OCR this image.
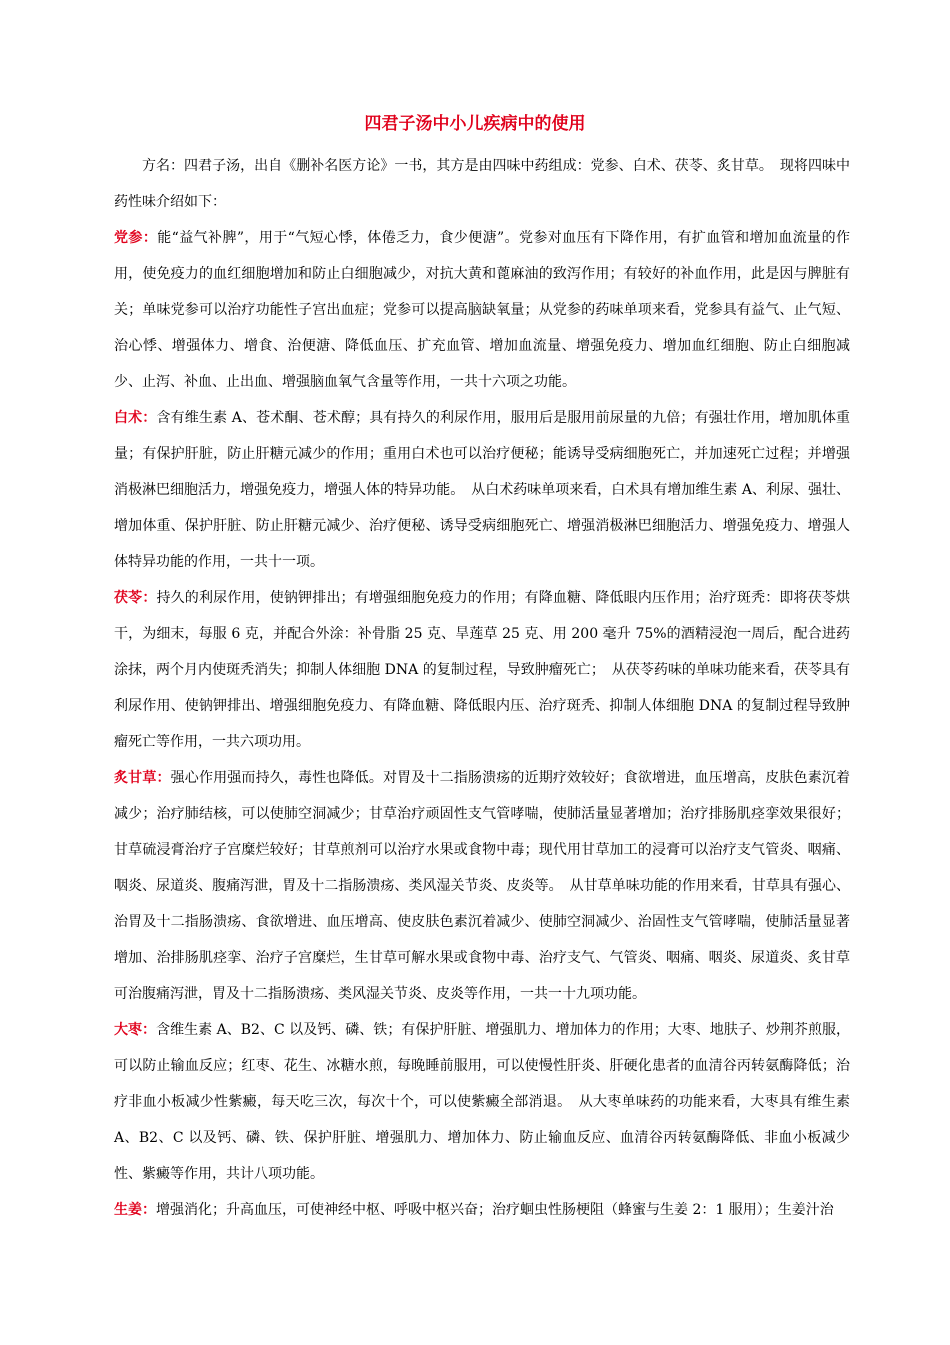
四君子汤中小儿疾病中的使用

方名：四君子汤，出自《删补名医方论》一书，其方是由四味中药组成：党参、白术、茯苓、炙甘草。　现将四味中药性味介绍如下：

党参：能“益气补脾”，用于“气短心悸，体倦乏力，食少便溏”。党参对血压有下降作用，有扩血管和增加血流量的作用，使免疫力的血红细胞增加和防止白细胞减少，对抗大黄和蓖麻油的致泻作用；有较好的补血作用，此是因与脾脏有关；单味党参可以治疗功能性子宫出血症；党参可以提高脑缺氧量；从党参的药味单项来看，党参具有益气、止气短、治心悸、增强体力、增食、治便溏、降低血压、扩充血管、增加血流量、增强免疫力、增加血红细胞、防止白细胞减少、止泻、补血、止出血、增强脑血氧气含量等作用，一共十六项之功能。

白术：含有维生素 A、苍术酮、苍术醇；具有持久的利尿作用，服用后是服用前尿量的九倍；有强壮作用，增加肌体重量；有保护肝脏，防止肝糖元减少的作用；重用白术也可以治疗便秘；能诱导受病细胞死亡，并加速死亡过程；并增强消极淋巴细胞活力，增强免疫力，增强人体的特异功能。　从白术药味单项来看，白术具有增加维生素 A、利尿、强壮、增加体重、保护肝脏、防止肝糖元减少、治疗便秘、诱导受病细胞死亡、增强消极淋巴细胞活力、增强免疫力、增强人体特异功能的作用，一共十一项。

茯苓：持久的利尿作用，使钠钾排出；有增强细胞免疫力的作用；有降血糖、降低眼内压作用；治疗斑秃：即将茯苓烘干，为细末，每服 6 克，并配合外涂：补骨脂 25 克、旱莲草 25 克、用 200 毫升 75%的酒精浸泡一周后，配合进药涂抹，两个月内使斑秃消失；抑制人体细胞 DNA 的复制过程，导致肿瘤死亡；　从茯苓药味的单味功能来看，茯苓具有利尿作用、使钠钾排出、增强细胞免疫力、有降血糖、降低眼内压、治疗斑秃、抑制人体细胞 DNA 的复制过程导致肿瘤死亡等作用，一共六项功用。

炙甘草：强心作用强而持久，毒性也降低。对胃及十二指肠溃疡的近期疗效较好；食欲增进，血压增高，皮肤色素沉着减少；治疗肺结核，可以使肺空洞减少；甘草治疗顽固性支气管哮喘，使肺活量显著增加；治疗排肠肌痉挛效果很好；甘草硫浸膏治疗子宫糜烂较好；甘草煎剂可以治疗水果或食物中毒；现代用甘草加工的浸膏可以治疗支气管炎、咽痛、咽炎、尿道炎、腹痛泻泄，胃及十二指肠溃疡、类风湿关节炎、皮炎等。　从甘草单味功能的作用来看，甘草具有强心、治胃及十二指肠溃疡、食欲增进、血压增高、使皮肤色素沉着减少、使肺空洞减少、治固性支气管哮喘，使肺活量显著增加、治排肠肌痉挛、治疗子宫糜烂，生甘草可解水果或食物中毒、治疗支气、气管炎、咽痛、咽炎、尿道炎、炙甘草可治腹痛泻泄，胃及十二指肠溃疡、类风湿关节炎、皮炎等作用，一共一十九项功能。

大枣：含维生素 A、B2、C 以及钙、磷、铁；有保护肝脏、增强肌力、增加体力的作用；大枣、地肤子、炒荆芥煎服，可以防止输血反应；红枣、花生、冰糖水煎，每晚睡前服用，可以使慢性肝炎、肝硬化患者的血清谷丙转氨酶降低；治疗非血小板减少性紫癜，每天吃三次，每次十个，可以使紫癜全部消退。　从大枣单味药的功能来看，大枣具有维生素 A、B2、C 以及钙、磷、铁、保护肝脏、增强肌力、增加体力、防止输血反应、血清谷丙转氨酶降低、非血小板减少性、紫癜等作用，共计八项功能。

生姜：增强消化；升高血压，可使神经中枢、呼吸中枢兴奋；治疗蛔虫性肠梗阻（蜂蜜与生姜 2：1 服用）；生姜汁治
